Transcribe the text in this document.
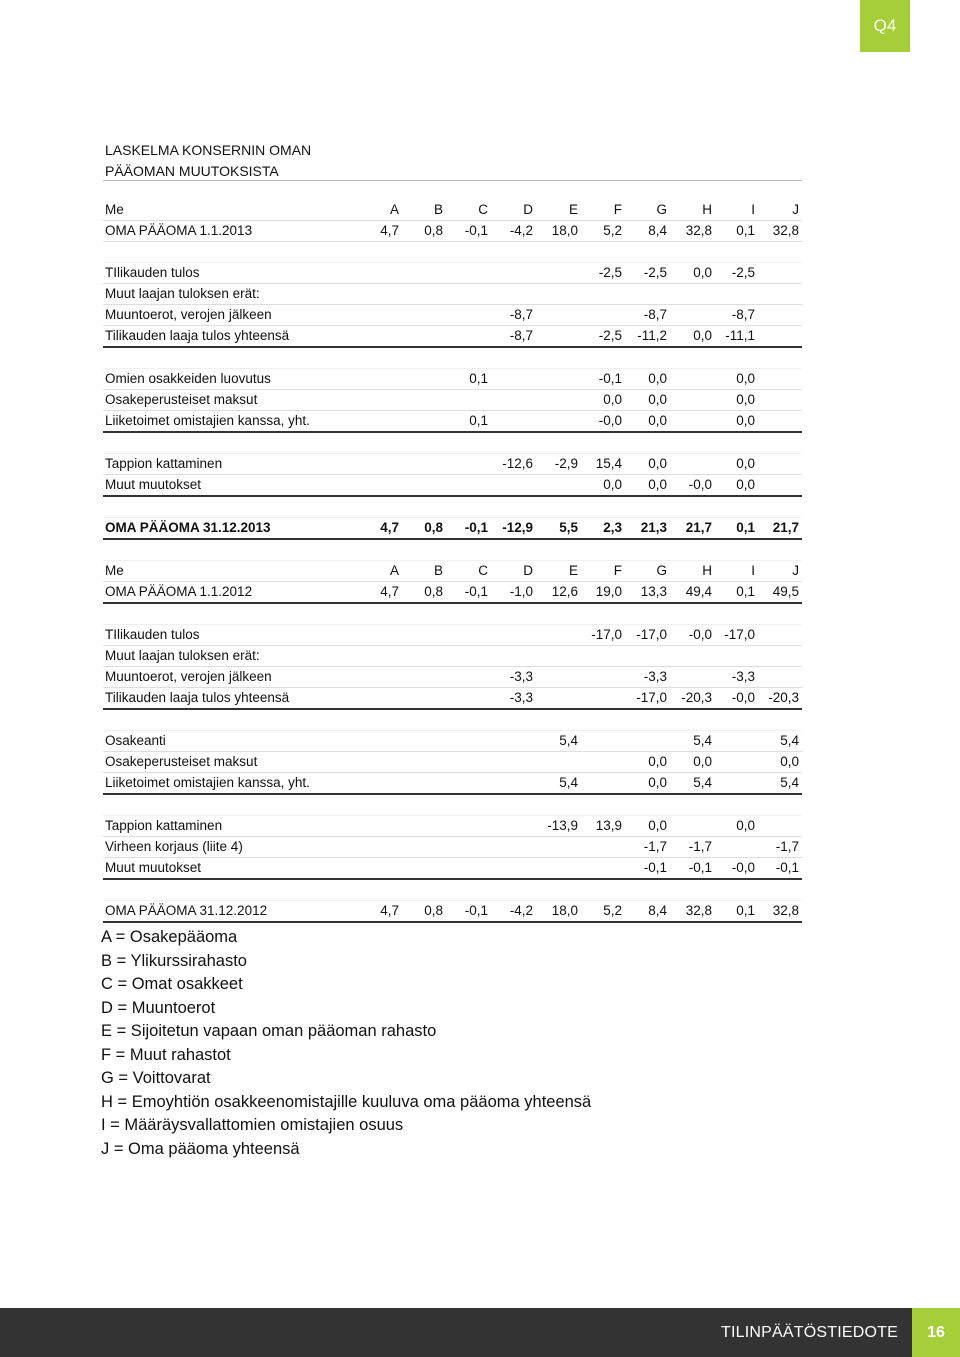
Q4
LASKELMA KONSERNIN OMAN
PÄÄOMAN MUUTOKSISTA
Me	A	B	C	D	E	F	G	H	I	J
OMA PÄÄOMA 1.1.2013	4,7	0,8	-0,1	-4,2	18,0	5,2	8,4	32,8	0,1	32,8

TIlikauden tulos						-2,5	-2,5	0,0	-2,5	
Muut laajan tuloksen erät:										
Muuntoerot, verojen jälkeen				-8,7			-8,7		-8,7	
Tilikauden laaja tulos yhteensä				-8,7		-2,5	-11,2	0,0	-11,1	

Omien osakkeiden luovutus			0,1			-0,1	0,0		0,0	
Osakeperusteiset maksut						0,0	0,0		0,0	
Liiketoimet omistajien kanssa, yht.			0,1			-0,0	0,0		0,0	

Tappion kattaminen				-12,6	-2,9	15,4	0,0		0,0	
Muut muutokset						0,0	0,0	-0,0	0,0	

OMA PÄÄOMA 31.12.2013	4,7	0,8	-0,1	-12,9	5,5	2,3	21,3	21,7	0,1	21,7

Me	A	B	C	D	E	F	G	H	I	J
OMA PÄÄOMA 1.1.2012	4,7	0,8	-0,1	-1,0	12,6	19,0	13,3	49,4	0,1	49,5

TIlikauden tulos						-17,0	-17,0	-0,0	-17,0	
Muut laajan tuloksen erät:										
Muuntoerot, verojen jälkeen				-3,3			-3,3		-3,3	
Tilikauden laaja tulos yhteensä				-3,3			-17,0	-20,3	-0,0	-20,3

Osakeanti					5,4			5,4		5,4
Osakeperusteiset maksut							0,0	0,0		0,0
Liiketoimet omistajien kanssa, yht.					5,4		0,0	5,4		5,4

Tappion kattaminen					-13,9	13,9	0,0		0,0	
Virheen korjaus (liite 4)							-1,7	-1,7		-1,7
Muut muutokset							-0,1	-0,1	-0,0	-0,1

OMA PÄÄOMA 31.12.2012	4,7	0,8	-0,1	-4,2	18,0	5,2	8,4	32,8	0,1	32,8
A = Osakepääoma
B = Ylikurssirahasto
C = Omat osakkeet
D = Muuntoerot
E = Sijoitetun vapaan oman pääoman rahasto
F = Muut rahastot
G = Voittovarat
H = Emoyhtiön osakkeenomistajille kuuluva oma pääoma yhteensä
I = Määräysvallattomien omistajien osuus
J = Oma pääoma yhteensä
TILINPÄÄTÖSTIEDOTE	16
